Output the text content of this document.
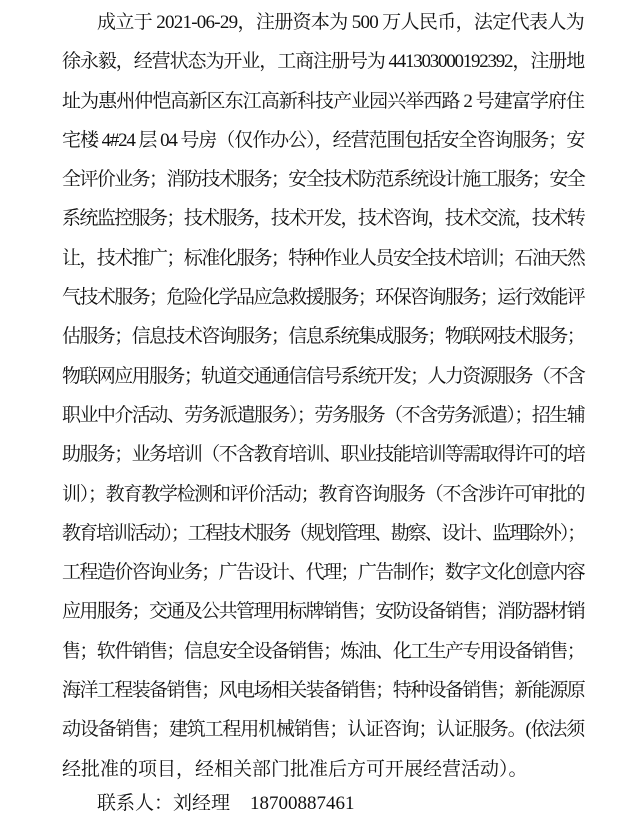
成立于 2021-06-29，注册资本为 500 万人民币，法定代表人为
徐永毅，经营状态为开业，工商注册号为 441303000192392，注册地
址为惠州仲恺高新区东江高新科技产业园兴举西路 2 号建富学府住
宅楼 4#24 层 04 号房（仅作办公），经营范围包括安全咨询服务；安
全评价业务；消防技术服务；安全技术防范系统设计施工服务；安全
系统监控服务；技术服务，技术开发，技术咨询，技术交流，技术转
让，技术推广；标准化服务；特种作业人员安全技术培训；石油天然
气技术服务；危险化学品应急救援服务；环保咨询服务；运行效能评
估服务；信息技术咨询服务；信息系统集成服务；物联网技术服务；
物联网应用服务；轨道交通通信信号系统开发；人力资源服务（不含
职业中介活动、劳务派遣服务）；劳务服务（不含劳务派遣）；招生辅
助服务；业务培训（不含教育培训、职业技能培训等需取得许可的培
训）；教育教学检测和评价活动；教育咨询服务（不含涉许可审批的
教育培训活动）；工程技术服务（规划管理、勘察、设计、监理除外）；
工程造价咨询业务；广告设计、代理；广告制作；数字文化创意内容
应用服务；交通及公共管理用标牌销售；安防设备销售；消防器材销
售；软件销售；信息安全设备销售；炼油、化工生产专用设备销售；
海洋工程装备销售；风电场相关装备销售；特种设备销售；新能源原
动设备销售；建筑工程用机械销售；认证咨询；认证服务。(依法须
经批准的项目，经相关部门批准后方可开展经营活动）。
联系人：刘经理 18700887461
